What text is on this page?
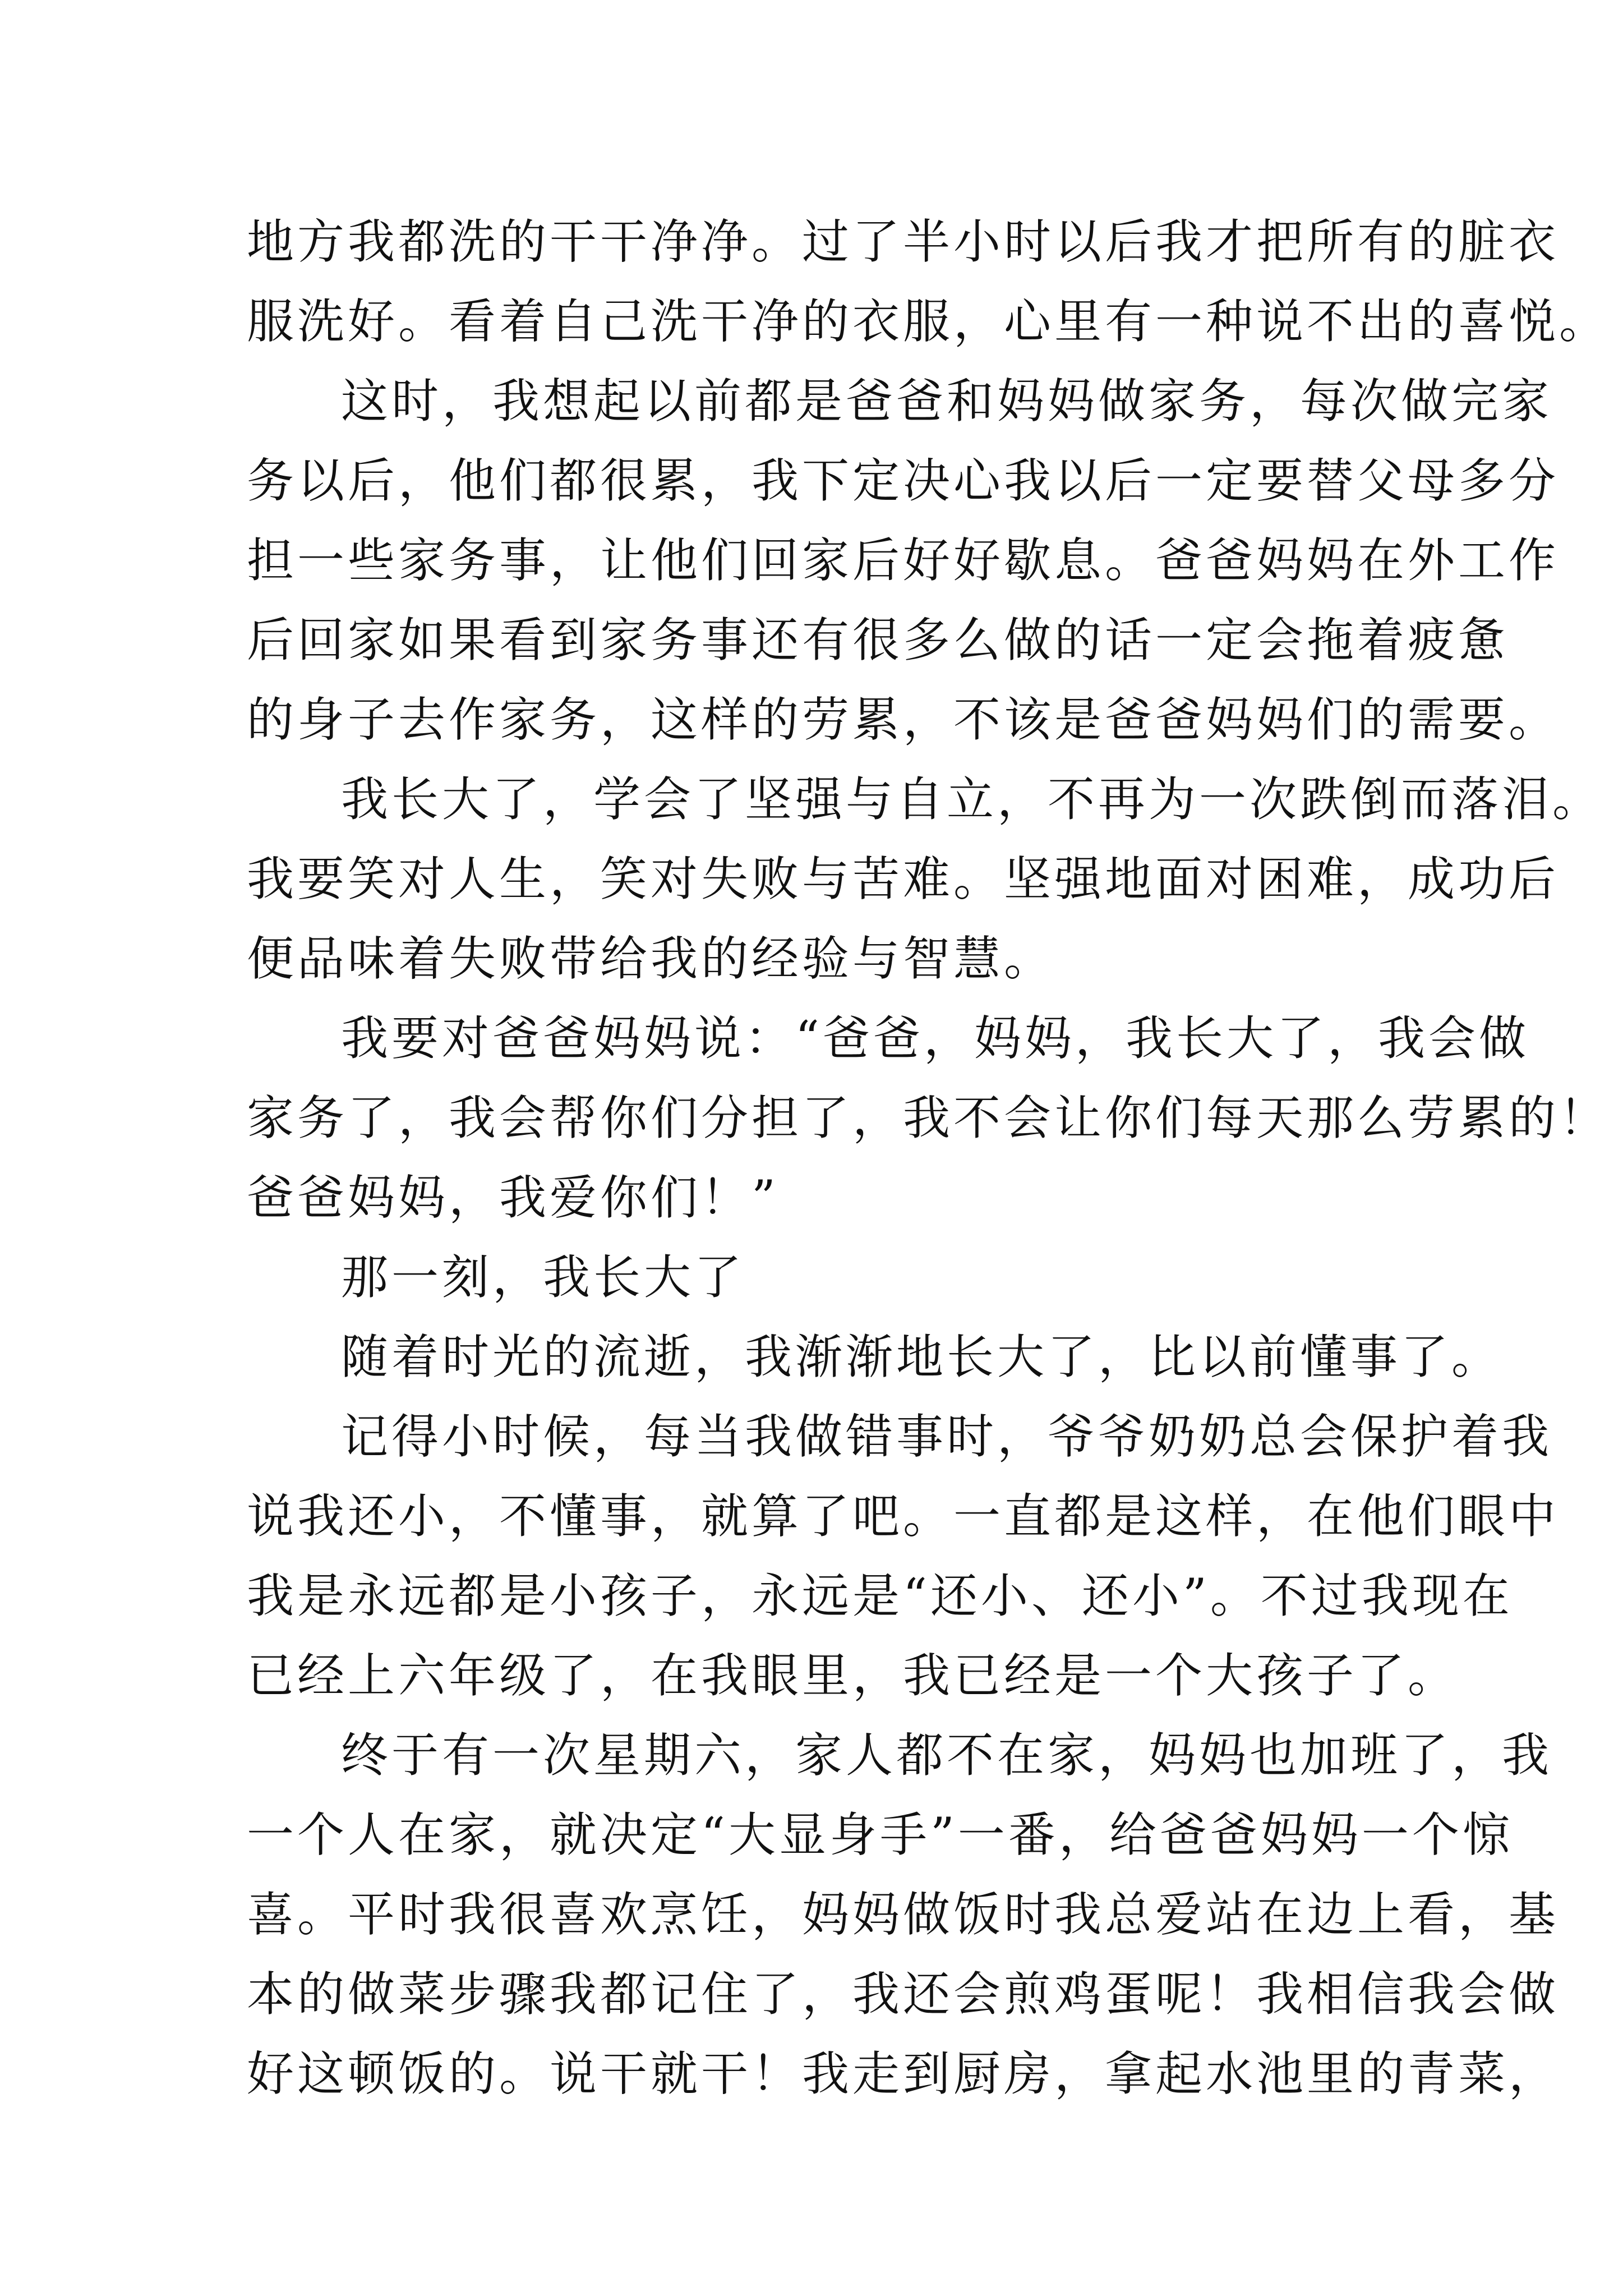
地方我都洗的干干净净。过了半小时以后我才把所有的脏衣
服洗好。看着自己洗干净的衣服，心里有一种说不出的喜悦。
这时，我想起以前都是爸爸和妈妈做家务，每次做完家
务以后，他们都很累，我下定决心我以后一定要替父母多分
担一些家务事，让他们回家后好好歇息。爸爸妈妈在外工作
后回家如果看到家务事还有很多么做的话一定会拖着疲惫
的身子去作家务，这样的劳累，不该是爸爸妈妈们的需要。
我长大了，学会了坚强与自立，不再为一次跌倒而落泪。
我要笑对人生，笑对失败与苦难。坚强地面对困难，成功后
便品味着失败带给我的经验与智慧。
我要对爸爸妈妈说：“爸爸，妈妈，我长大了，我会做
家务了，我会帮你们分担了，我不会让你们每天那么劳累的！
爸爸妈妈，我爱你们！”
那一刻，我长大了
随着时光的流逝，我渐渐地长大了，比以前懂事了。
记得小时候，每当我做错事时，爷爷奶奶总会保护着我
说我还小，不懂事，就算了吧。一直都是这样，在他们眼中
我是永远都是小孩子，永远是“还小、还小”。不过我现在
已经上六年级了，在我眼里，我已经是一个大孩子了。
终于有一次星期六，家人都不在家，妈妈也加班了，我
一个人在家，就决定“大显身手”一番，给爸爸妈妈一个惊
喜。平时我很喜欢烹饪，妈妈做饭时我总爱站在边上看，基
本的做菜步骤我都记住了，我还会煎鸡蛋呢！我相信我会做
好这顿饭的。说干就干！我走到厨房，拿起水池里的青菜，
